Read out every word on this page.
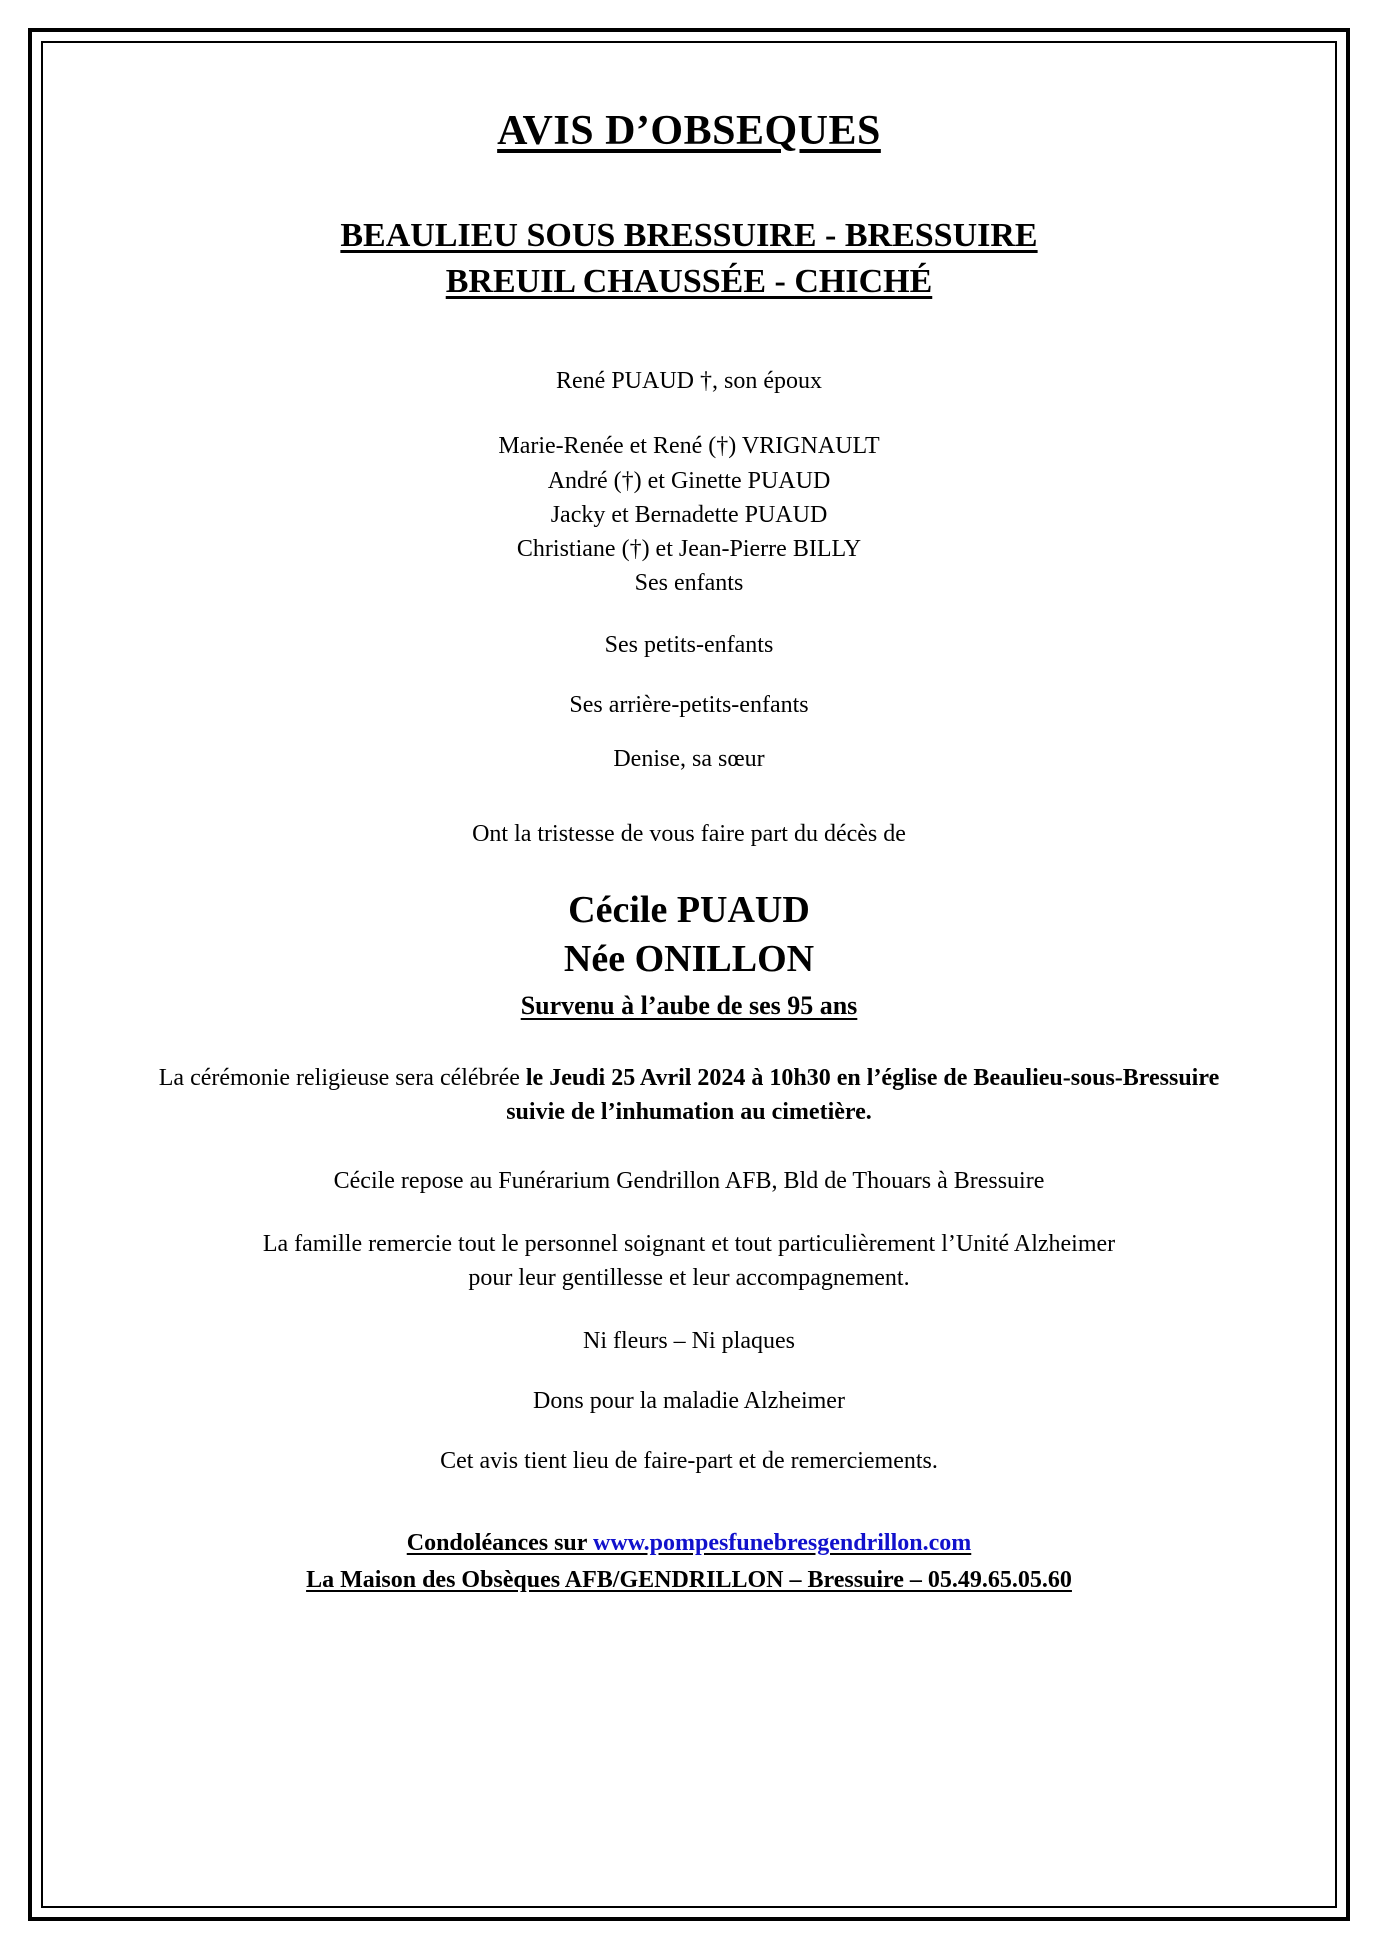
AVIS D’OBSEQUES
BEAULIEU SOUS BRESSUIRE - BRESSUIRE
BREUIL CHAUSSÉE - CHICHÉ
René PUAUD †, son époux
Marie-Renée et René (†) VRIGNAULT
André (†) et Ginette PUAUD
Jacky et Bernadette PUAUD
Christiane (†) et Jean-Pierre BILLY
Ses enfants
Ses petits-enfants
Ses arrière-petits-enfants
Denise, sa sœur
Ont la tristesse de vous faire part du décès de
Cécile PUAUD
Née ONILLON
Survenu à l’aube de ses 95 ans
La cérémonie religieuse sera célébrée le Jeudi 25 Avril 2024 à 10h30 en l’église de Beaulieu-sous-Bressuire suivie de l’inhumation au cimetière.
Cécile repose au Funérarium Gendrillon AFB, Bld de Thouars à Bressuire
La famille remercie tout le personnel soignant et tout particulièrement l’Unité Alzheimer
pour leur gentillesse et leur accompagnement.
Ni fleurs – Ni plaques
Dons pour la maladie Alzheimer
Cet avis tient lieu de faire-part et de remerciements.
Condoléances sur www.pompesfunebresgendrillon.com
La Maison des Obsèques AFB/GENDRILLON – Bressuire – 05.49.65.05.60
